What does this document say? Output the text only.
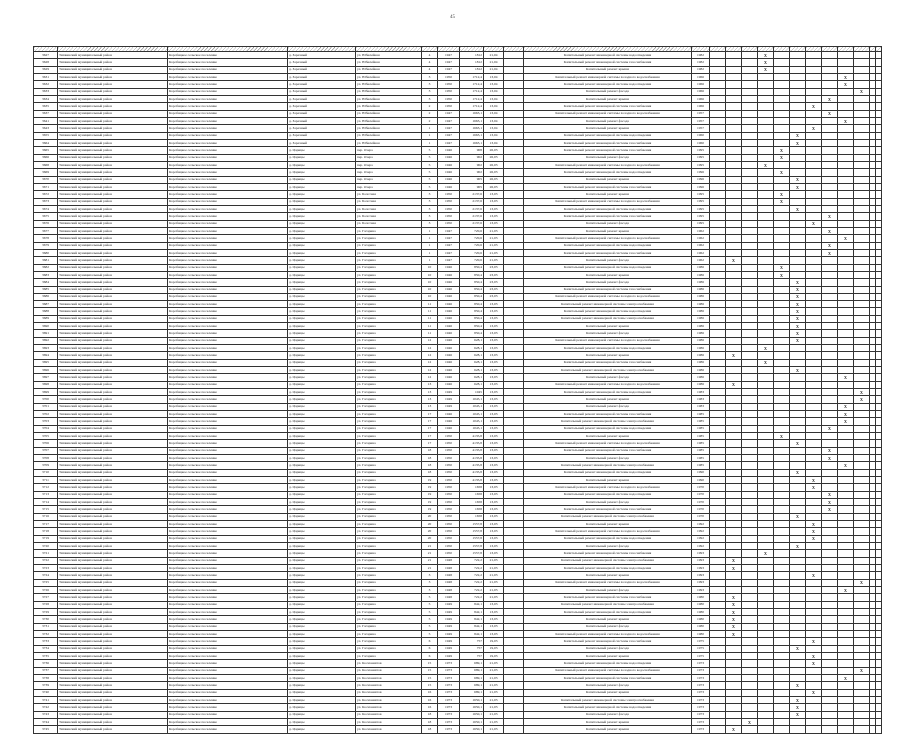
45

3627	Тихвинский муниципальный район	Коробицкое сельское поселение	д. Заречный	ул. Юбилейная	4	1947	1812	21,04		Капитальный ремонт инженерной системы водоотведения	1982				X								
3628	Тихвинский муниципальный район	Коробицкое сельское поселение	д. Заречный	ул. Юбилейная	4	1947	1812	21,04		Капитальный ремонт инженерной системы газоснабжения	1982				X								
3629	Тихвинский муниципальный район	Коробицкое сельское поселение	д. Заречный	ул. Юбилейная	4	1947	1812	21,04		Капитальный ремонт крыши	1982				X								
3631	Тихвинский муниципальный район	Коробицкое сельское поселение	д. Заречный	ул. Юбилейная	3	1950	1712,4	13,04		Капитальный ремонт инженерной системы холодного водоснабжения	1966									X			
3632	Тихвинский муниципальный район	Коробицкое сельское поселение	д. Заречный	ул. Юбилейная	3	1950	1712,4	13,04		Капитальный ремонт инженерной системы водоотведения	1966									X			
3633	Тихвинский муниципальный район	Коробицкое сельское поселение	д. Заречный	ул. Юбилейная	3	1950	1712,4	13,04		Капитальный ремонт фасада	1966										X		
3634	Тихвинский муниципальный район	Коробицкое сельское поселение	д. Заречный	ул. Юбилейная	3	1950	1712,4	13,04		Капитальный ремонт крыши	1966								X				
3635	Тихвинский муниципальный район	Коробицкое сельское поселение	д. Заречный	ул. Юбилейная	2	1950	1712,4	13,04		Капитальный ремонт инженерной системы газоснабжения	1966							X					
3637	Тихвинский муниципальный район	Коробицкое сельское поселение	д. Заречный	ул. Юбилейная	2	1947	1663,1	13,04		Капитальный ремонт инженерной системы холодного водоснабжения	1957								X				
3641	Тихвинский муниципальный район	Коробицкое сельское поселение	д. Заречный	ул. Юбилейная	2	1947	1663,1	13,04		Капитальный ремонт фасада	1957									X			
3643	Тихвинский муниципальный район	Коробицкое сельское поселение	д. Заречный	ул. Юбилейная	1	1947	1663,1	13,04		Капитальный ремонт крыши	1957							X					
3655	Тихвинский муниципальный район	Коробицкое сельское поселение	д. Заречный	ул. Юбилейная	1	1947	1663,1	13,04		Капитальный ремонт инженерной системы водоотведения	1960						X						
3664	Тихвинский муниципальный район	Коробицкое сельское поселение	д. Заречный	ул. Юбилейная	1	1947	1663,1	13,04		Капитальный ремонт инженерной системы газоснабжения	1960						X						
3665	Тихвинский муниципальный район	Коробицкое сельское поселение	д. Царицы	пер. Озера	5	1946	908	26,03		Капитальный ремонт инженерной системы газоснабжения	1995					X							
3666	Тихвинский муниципальный район	Коробицкое сельское поселение	д. Царицы	пер. Озера	5	1946	902	26,03		Капитальный ремонт фасада	1995					X							
3668	Тихвинский муниципальный район	Коробицкое сельское поселение	д. Царицы	пер. Озера	5	1946	902	26,03		Капитальный ремонт инженерной системы холодного водоснабжения	1995				X								
3669	Тихвинский муниципальный район	Коробицкое сельское поселение	д. Царицы	пер. Озера	5	1946	902	26,03		Капитальный ремонт инженерной системы водоотведения	1996					X							
3670	Тихвинский муниципальный район	Коробицкое сельское поселение	д. Царицы	пер. Озера	5	1946	905	26,03		Капитальный ремонт крыши	1996						X						
3671	Тихвинский муниципальный район	Коробицкое сельское поселение	д. Царицы	пер. Озера	5	1946	905	26,03		Капитальный ремонт инженерной системы газоснабжения	1996						X						
3672	Тихвинский муниципальный район	Коробицкое сельское поселение	д. Царицы	ул. Болотная	3	1950	2137,6	13,03		Капитальный ремонт крыши	1995					X							
3673	Тихвинский муниципальный район	Коробицкое сельское поселение	д. Царицы	ул. Болотная	3	1950	2137,6	13,03		Капитальный ремонт инженерной системы холодного водоснабжения	1995					X							
3674	Тихвинский муниципальный район	Коробицкое сельское поселение	д. Царицы	ул. Болотная	3	1950	2137,6	13,03		Капитальный ремонт инженерной системы водоотведения	1995						X						
3675	Тихвинский муниципальный район	Коробицкое сельское поселение	д. Царицы	ул. Болотная	3	1950	2137,6	13,03		Капитальный ремонт инженерной системы газоснабжения	1995								X				
3676	Тихвинский муниципальный район	Коробицкое сельское поселение	д. Царицы	ул. Болотная	3	1950	2137,6	13,03		Капитальный ремонт фасада	1995							X					
3677	Тихвинский муниципальный район	Коробицкое сельское поселение	д. Царицы	ул. Гагарина	1	1947	720,6	21,03		Капитальный ремонт крыши	1962								X				
3678	Тихвинский муниципальный район	Коробицкое сельское поселение	д. Царицы	ул. Гагарина	1	1947	720,6	21,03		Капитальный ремонт инженерной системы холодного водоснабжения	1962									X			
3679	Тихвинский муниципальный район	Коробицкое сельское поселение	д. Царицы	ул. Гагарина	1	1947	720,6	21,03		Капитальный ремонт инженерной системы водоотведения	1962								X				
3680	Тихвинский муниципальный район	Коробицкое сельское поселение	д. Царицы	ул. Гагарина	1	1947	720,6	21,03		Капитальный ремонт инженерной системы газоснабжения	1962								X				
3681	Тихвинский муниципальный район	Коробицкое сельское поселение	д. Царицы	ул. Гагарина	1	1947	720,6	21,03		Капитальный ремонт фасада	1962		X										
3682	Тихвинский муниципальный район	Коробицкое сельское поселение	д. Царицы	ул. Гагарина	10	1946	850,4	23,03		Капитальный ремонт инженерной системы водоотведения	1986					X							
3683	Тихвинский муниципальный район	Коробицкое сельское поселение	д. Царицы	ул. Гагарина	10	1946	850,4	23,03		Капитальный ремонт крыши	1986					X							
3684	Тихвинский муниципальный район	Коробицкое сельское поселение	д. Царицы	ул. Гагарина	10	1946	850,4	23,03		Капитальный ремонт фасада	1986						X						
3685	Тихвинский муниципальный район	Коробицкое сельское поселение	д. Царицы	ул. Гагарина	10	1946	850,4	23,03		Капитальный ремонт инженерной системы газоснабжения	1986						X						
3686	Тихвинский муниципальный район	Коробицкое сельское поселение	д. Царицы	ул. Гагарина	10	1946	850,4	23,03		Капитальный ремонт инженерной системы холодного водоснабжения	1986						X						
3687	Тихвинский муниципальный район	Коробицкое сельское поселение	д. Царицы	ул. Гагарина	11	1946	850,4	13,03		Капитальный ремонт инженерной системы электроснабжения	1986						X						
3688	Тихвинский муниципальный район	Коробицкое сельское поселение	д. Царицы	ул. Гагарина	11	1946	850,4	13,03		Капитальный ремонт инженерной системы водоотведения	1986						X						
3689	Тихвинский муниципальный район	Коробицкое сельское поселение	д. Царицы	ул. Гагарина	11	1946	850,4	13,03		Капитальный ремонт инженерной системы электроснабжения	1986						X						
3690	Тихвинский муниципальный район	Коробицкое сельское поселение	д. Царицы	ул. Гагарина	11	1946	850,4	13,03		Капитальный ремонт крыши	1986						X						
3691	Тихвинский муниципальный район	Коробицкое сельское поселение	д. Царицы	ул. Гагарина	11	1946	850,4	13,03		Капитальный ремонт фасада	1986						X						
3692	Тихвинский муниципальный район	Коробицкое сельское поселение	д. Царицы	ул. Гагарина	12	1946	628,1	13,03		Капитальный ремонт инженерной системы холодного водоснабжения	1986						X						
3693	Тихвинский муниципальный район	Коробицкое сельское поселение	д. Царицы	ул. Гагарина	12	1946	628,1	13,03		Капитальный ремонт инженерной системы водоотведения	1986				X								
3694	Тихвинский муниципальный район	Коробицкое сельское поселение	д. Царицы	ул. Гагарина	12	1946	628,1	13,03		Капитальный ремонт крыши	1986		X										
3695	Тихвинский муниципальный район	Коробицкое сельское поселение	д. Царицы	ул. Гагарина	12	1946	628,1	13,03		Капитальный ремонт инженерной системы газоснабжения	1986				X								
3696	Тихвинский муниципальный район	Коробицкое сельское поселение	д. Царицы	ул. Гагарина	12	1946	628,1	13,03		Капитальный ремонт инженерной системы электроснабжения	1986						X						
3697	Тихвинский муниципальный район	Коробицкое сельское поселение	д. Царицы	ул. Гагарина	12	1946	628,1	13,03		Капитальный ремонт фасада	1986									X			
3698	Тихвинский муниципальный район	Коробицкое сельское поселение	д. Царицы	ул. Гагарина	13	1946	628,1	13,03		Капитальный ремонт инженерной системы холодного водоснабжения	1986		X										
3699	Тихвинский муниципальный район	Коробицкое сельское поселение	д. Царицы	ул. Гагарина	13	1949	1045	13,03		Капитальный ремонт инженерной системы водоотведения	1983										X		
3700	Тихвинский муниципальный район	Коробицкое сельское поселение	д. Царицы	ул. Гагарина	13	1949	1045,1	13,03		Капитальный ремонт крыши	1983										X		
3701	Тихвинский муниципальный район	Коробицкое сельское поселение	д. Царицы	ул. Гагарина	13	1949	1045,1	13,03		Капитальный ремонт фасада	1983									X			
3702	Тихвинский муниципальный район	Коробицкое сельское поселение	д. Царицы	ул. Гагарина	17	1946	1045,1	13,03		Капитальный ремонт инженерной системы газоснабжения	1985									X			
3703	Тихвинский муниципальный район	Коробицкое сельское поселение	д. Царицы	ул. Гагарина	17	1946	1045,1	13,03		Капитальный ремонт инженерной системы электроснабжения	1985									X			
3704	Тихвинский муниципальный район	Коробицкое сельское поселение	д. Царицы	ул. Гагарина	17	1946	1045,1	13,03		Капитальный ремонт инженерной системы водоотведения	1985								X				
3705	Тихвинский муниципальный район	Коробицкое сельское поселение	д. Царицы	ул. Гагарина	17	1950	4135,8	13,03		Капитальный ремонт крыши	1985					X							
3706	Тихвинский муниципальный район	Коробицкое сельское поселение	д. Царицы	ул. Гагарина	17	1950	4135,8	13,03		Капитальный ремонт инженерной системы холодного водоснабжения	1985						X						
3707	Тихвинский муниципальный район	Коробицкое сельское поселение	д. Царицы	ул. Гагарина	18	1950	4135,8	13,03		Капитальный ремонт инженерной системы газоснабжения	1985								X				
3708	Тихвинский муниципальный район	Коробицкое сельское поселение	д. Царицы	ул. Гагарина	18	1950	4135,8	13,03		Капитальный ремонт фасада	1985								X				
3709	Тихвинский муниципальный район	Коробицкое сельское поселение	д. Царицы	ул. Гагарина	18	1950	4135,8	13,03		Капитальный ремонт инженерной системы электроснабжения	1985									X			
3710	Тихвинский муниципальный район	Коробицкое сельское поселение	д. Царицы	ул. Гагарина	18	1950	4135,8	13,03		Капитальный ремонт инженерной системы водоотведения	1990						X						
3711	Тихвинский муниципальный район	Коробицкое сельское поселение	д. Царицы	ул. Гагарина	19	1950	4135,8	13,03		Капитальный ремонт крыши	1990							X					
3712	Тихвинский муниципальный район	Коробицкое сельское поселение	д. Царицы	ул. Гагарина	19	1950	1658	13,03		Капитальный ремонт инженерной системы холодного водоснабжения	1970							X					
3713	Тихвинский муниципальный район	Коробицкое сельское поселение	д. Царицы	ул. Гагарина	19	1950	1658	13,03		Капитальный ремонт инженерной системы водоотведения	1970								X				
3714	Тихвинский муниципальный район	Коробицкое сельское поселение	д. Царицы	ул. Гагарина	19	1950	1658	13,03		Капитальный ремонт фасада	1970								X				
3715	Тихвинский муниципальный район	Коробицкое сельское поселение	д. Царицы	ул. Гагарина	19	1950	1658	13,03		Капитальный ремонт инженерной системы газоснабжения	1970								X				
3716	Тихвинский муниципальный район	Коробицкое сельское поселение	д. Царицы	ул. Гагарина	20	1950	1658	13,03		Капитальный ремонт инженерной системы электроснабжения	1970						X						
3717	Тихвинский муниципальный район	Коробицкое сельское поселение	д. Царицы	ул. Гагарина	20	1950	1557,8	13,03		Капитальный ремонт крыши	1992							X					
3718	Тихвинский муниципальный район	Коробицкое сельское поселение	д. Царицы	ул. Гагарина	20	1950	1557,8	13,03		Капитальный ремонт инженерной системы холодного водоснабжения	1992							X					
3719	Тихвинский муниципальный район	Коробицкое сельское поселение	д. Царицы	ул. Гагарина	20	1950	1557,8	13,03		Капитальный ремонт инженерной системы водоотведения	1992							X					
3720	Тихвинский муниципальный район	Коробицкое сельское поселение	д. Царицы	ул. Гагарина	21	1950	1557,8	13,03		Капитальный ремонт фасада	1992						X						
3721	Тихвинский муниципальный район	Коробицкое сельское поселение	д. Царицы	ул. Гагарина	21	1950	1557,8	13,03		Капитальный ремонт инженерной системы газоснабжения	1993				X								
3722	Тихвинский муниципальный район	Коробицкое сельское поселение	д. Царицы	ул. Гагарина	21	1948	722,2	21,03		Капитальный ремонт инженерной системы электроснабжения	1993		X										
3723	Тихвинский муниципальный район	Коробицкое сельское поселение	д. Царицы	ул. Гагарина	21	1948	722,2	21,03		Капитальный ремонт инженерной системы водоотведения	1993		X										
3724	Тихвинский муниципальный район	Коробицкое сельское поселение	д. Царицы	ул. Гагарина	3	1948	722,2	21,03		Капитальный ремонт крыши	1993							X					
3725	Тихвинский муниципальный район	Коробицкое сельское поселение	д. Царицы	ул. Гагарина	3	1948	722,2	21,03		Капитальный ремонт инженерной системы холодного водоснабжения	1993										X		
3726	Тихвинский муниципальный район	Коробицкое сельское поселение	д. Царицы	ул. Гагарина	3	1948	722,2	21,03		Капитальный ремонт фасада	1993									X			
3727	Тихвинский муниципальный район	Коробицкое сельское поселение	д. Царицы	ул. Гагарина	5	1948	722,2	21,03		Капитальный ремонт инженерной системы газоснабжения	1980		X										
3728	Тихвинский муниципальный район	Коробицкое сельское поселение	д. Царицы	ул. Гагарина	5	1949	842,1	13,03		Капитальный ремонт инженерной системы электроснабжения	1980		X										
3729	Тихвинский муниципальный район	Коробицкое сельское поселение	д. Царицы	ул. Гагарина	5	1949	842,1	13,03		Капитальный ремонт инженерной системы водоотведения	1980		X										
3730	Тихвинский муниципальный район	Коробицкое сельское поселение	д. Царицы	ул. Гагарина	5	1949	842,1	13,03		Капитальный ремонт крыши	1980		X										
3731	Тихвинский муниципальный район	Коробицкое сельское поселение	д. Царицы	ул. Гагарина	5	1949	842,1	13,03		Капитальный ремонт фасада	1980		X										
3732	Тихвинский муниципальный район	Коробицкое сельское поселение	д. Царицы	ул. Гагарина	5	1949	842,1	13,03		Капитальный ремонт инженерной системы холодного водоснабжения	1980		X										
3733	Тихвинский муниципальный район	Коробицкое сельское поселение	д. Царицы	ул. Гагарина	6	1949	757	19,03		Капитальный ремонт инженерной системы газоснабжения	1975							X					
3734	Тихвинский муниципальный район	Коробицкое сельское поселение	д. Царицы	ул. Гагарина	6	1949	757	19,03		Капитальный ремонт фасада	1975						X						
3735	Тихвинский муниципальный район	Коробицкое сельское поселение	д. Царицы	ул. Гагарина	6	1949	757	19,03		Капитальный ремонт крыши	1975							X					
3736	Тихвинский муниципальный район	Коробицкое сельское поселение	д. Царицы	ул. Космонавтов	15	1973	689,1	21,03		Капитальный ремонт инженерной системы водоотведения	1973							X					
3737	Тихвинский муниципальный район	Коробицкое сельское поселение	д. Царицы	ул. Космонавтов	15	1973	689,1	21,03		Капитальный ремонт инженерной системы холодного водоснабжения	1973										X		
3738	Тихвинский муниципальный район	Коробицкое сельское поселение	д. Царицы	ул. Космонавтов	15	1973	689,1	21,03		Капитальный ремонт инженерной системы газоснабжения	1973									X			
3739	Тихвинский муниципальный район	Коробицкое сельское поселение	д. Царицы	ул. Космонавтов	15	1973	689,1	21,03		Капитальный ремонт фасада	1973						X						
3740	Тихвинский муниципальный район	Коробицкое сельское поселение	д. Царицы	ул. Космонавтов	16	1973	689,1	21,03		Капитальный ремонт крыши	1973							X					
3741	Тихвинский муниципальный район	Коробицкое сельское поселение	д. Царицы	ул. Космонавтов	16	1973	1650,1	21,03		Капитальный ремонт инженерной системы электроснабжения	1973						X						
3742	Тихвинский муниципальный район	Коробицкое сельское поселение	д. Царицы	ул. Космонавтов	16	1973	1650,1	21,03		Капитальный ремонт инженерной системы водоотведения	1973						X						
3743	Тихвинский муниципальный район	Коробицкое сельское поселение	д. Царицы	ул. Космонавтов	18	1973	1650,1	21,03		Капитальный ремонт фасада	1973						X						
3744	Тихвинский муниципальный район	Коробицкое сельское поселение	д. Царицы	ул. Космонавтов	18	1973	1650,1	21,03		Капитальный ремонт крыши	1973			X									
3745	Тихвинский муниципальный район	Коробицкое сельское поселение	д. Царицы	ул. Космонавтов	18	1973	1650,1	21,03		Капитальный ремонт крыши	1973		X										
